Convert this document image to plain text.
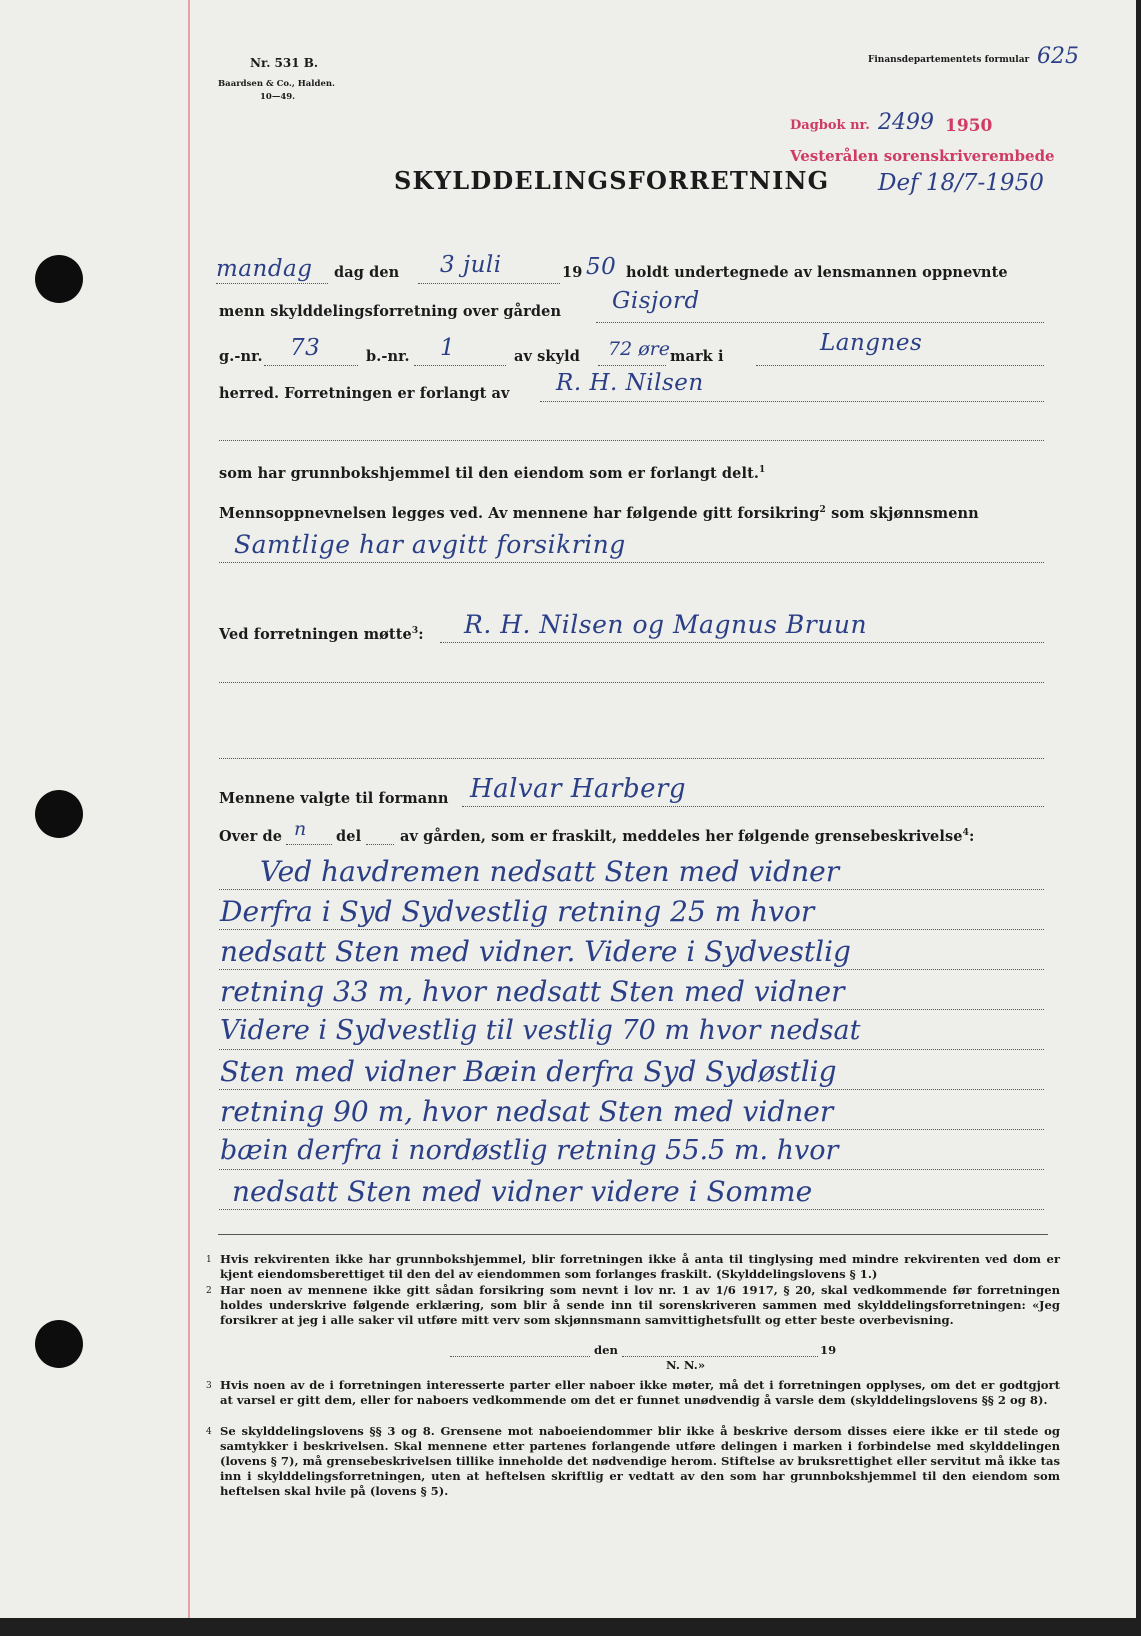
Nr. 531 B.
Baardsen & Co., Halden.
10—49.
Finansdepartementets formular 625
Dagbok nr. 2499 1950
Vesterålen sorenskriverembede
Def 18/7-1950
SKYLDDELINGSFORRETNING
mandag dag den 3 juli	19 50 holdt undertegnede av lensmannen oppnevnte
menn skylddelingsforretning over gården Gisjord
g.-nr. 73	b.-nr. 1	av skyld 72 øre mark i
Langnes
herred. Forretningen er forlangt av R. H. Nilsen
som har grunnbokshjemmel til den eiendom som er forlangt delt.$^1$
Mennsoppnevnelsen legges ved. Av mennene har følgende gitt forsikring$^2$ som skjønnsmenn
Samtlige har avgitt forsikring
Ved forretningen møtte$^3$: R. H. Nilsen og Magnus Bruun
Mennene valgte til formann Halvar Harberg
Over de n del	av gården, som er fraskilt, meddeles her følgende grensebeskrivelse$^4$:
Ved havdremen nedsatt Sten med vidner
Derfra i Syd Sydvestlig retning 25 m hvor
nedsatt Sten med vidner. Videre i Sydvestlig
retning 33 m, hvor nedsatt Sten med vidner
Videre i Sydvestlig til vestlig 70 m hvor nedsat
Sten med vidner Bæin derfra Syd Sydøstlig
retning 90 m, hvor nedsat Sten med vidner
bæin derfra i nordøstlig retning 55.5 m. hvor
nedsatt Sten med vidner videre i Somme
1 Hvis rekvirenten ikke har grunnbokshjemmel, blir forretningen ikke å anta til tinglysing med mindre rekvirenten ved dom er kjent eiendomsberettiget til den del av eiendommen som forlanges fraskilt. (Skylddelingslovens § 1.)

2 Har noen av mennene ikke gitt sådan forsikring som nevnt i lov nr. 1 av 1/6 1917, § 20, skal vedkommende før forretningen holdes underskrive følgende erklæring, som blir å sende inn til sorenskriveren sammen med skylddelingsforretningen: «Jeg forsikrer at jeg i alle saker vil utføre mitt verv som skjønnsmann samvittighetsfullt og etter beste overbevisning.

den	19
N. N.»
3 Hvis noen av de i forretningen interesserte parter eller naboer ikke møter, må det i forretningen opplyses, om det er godtgjort at varsel er gitt dem, eller for naboers vedkommende om det er funnet unødvendig å varsle dem (skylddelingslovens §§ 2 og 8).

4 Se skylddelingslovens §§ 3 og 8. Grensene mot naboeiendommer blir ikke å beskrive dersom disses eiere ikke er til stede og samtykker i beskrivelsen. Skal mennene etter partenes forlangende utføre delingen i marken i forbindelse med skylddelingen (lovens § 7), må grensebeskrivelsen tillike inneholde det nødvendige herom. Stiftelse av bruksrettighet eller servitut må ikke tas inn i skylddelingsforretningen, uten at heftelsen skriftlig er vedtatt av den som har grunnbokshjemmel til den eiendom som heftelsen skal hvile på (lovens § 5).
